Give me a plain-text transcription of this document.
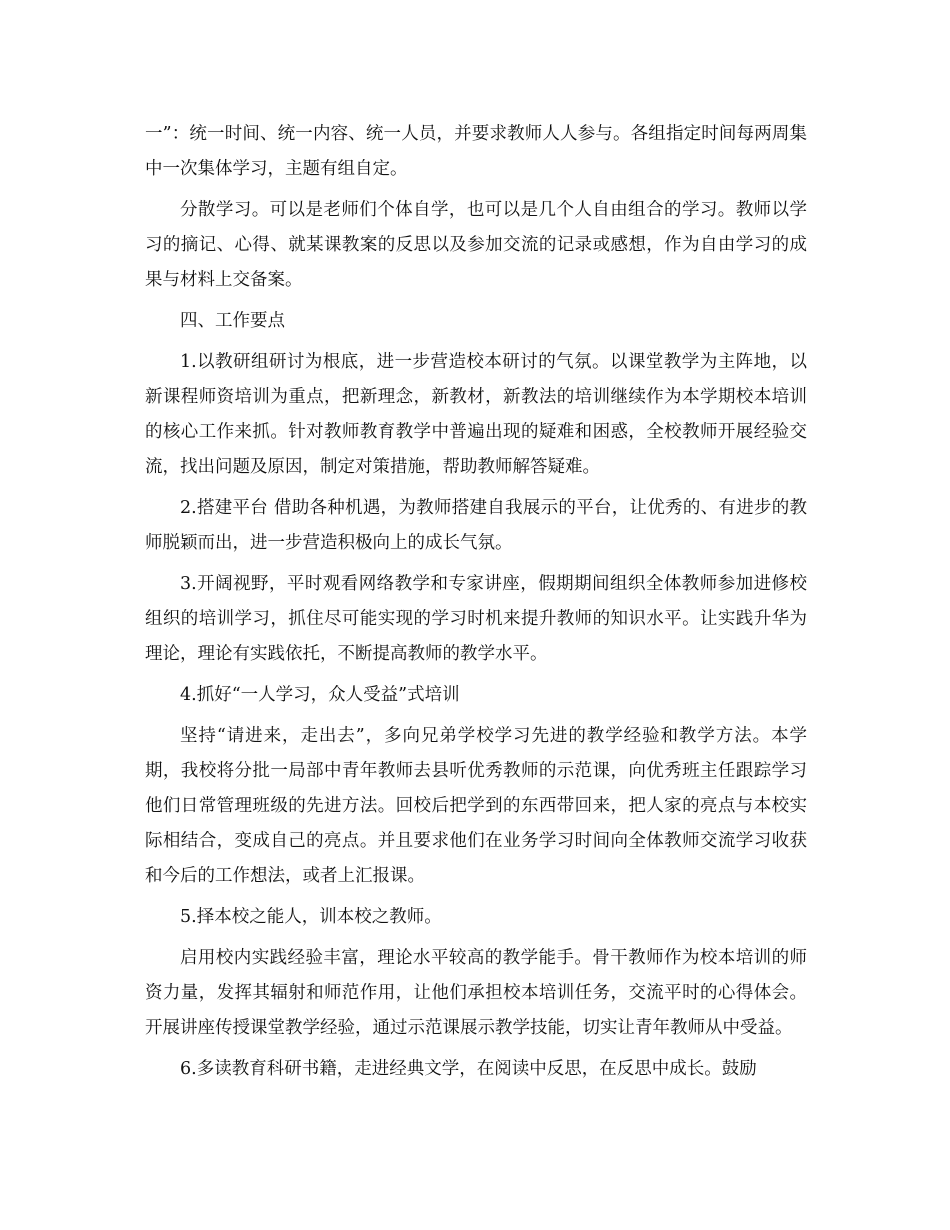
一”：统一时间、统一内容、统一人员，并要求教师人人参与。各组指定时间每两周集中一次集体学习，主题有组自定。

分散学习。可以是老师们个体自学，也可以是几个人自由组合的学习。教师以学习的摘记、心得、就某课教案的反思以及参加交流的记录或感想，作为自由学习的成果与材料上交备案。

四、工作要点

1.以教研组研讨为根底，进一步营造校本研讨的气氛。以课堂教学为主阵地，以新课程师资培训为重点，把新理念，新教材，新教法的培训继续作为本学期校本培训的核心工作来抓。针对教师教育教学中普遍出现的疑难和困惑，全校教师开展经验交流，找出问题及原因，制定对策措施，帮助教师解答疑难。

2.搭建平台 借助各种机遇，为教师搭建自我展示的平台，让优秀的、有进步的教师脱颖而出，进一步营造积极向上的成长气氛。

3.开阔视野，平时观看网络教学和专家讲座，假期期间组织全体教师参加进修校组织的培训学习，抓住尽可能实现的学习时机来提升教师的知识水平。让实践升华为理论，理论有实践依托，不断提高教师的教学水平。

4.抓好“一人学习，众人受益”式培训

坚持“请进来，走出去”，多向兄弟学校学习先进的教学经验和教学方法。本学期，我校将分批一局部中青年教师去县听优秀教师的示范课，向优秀班主任跟踪学习他们日常管理班级的先进方法。回校后把学到的东西带回来，把人家的亮点与本校实际相结合，变成自己的亮点。并且要求他们在业务学习时间向全体教师交流学习收获和今后的工作想法，或者上汇报课。

5.择本校之能人，训本校之教师。

启用校内实践经验丰富，理论水平较高的教学能手。骨干教师作为校本培训的师资力量，发挥其辐射和师范作用，让他们承担校本培训任务，交流平时的心得体会。开展讲座传授课堂教学经验，通过示范课展示教学技能，切实让青年教师从中受益。

6.多读教育科研书籍，走进经典文学，在阅读中反思，在反思中成长。鼓励
